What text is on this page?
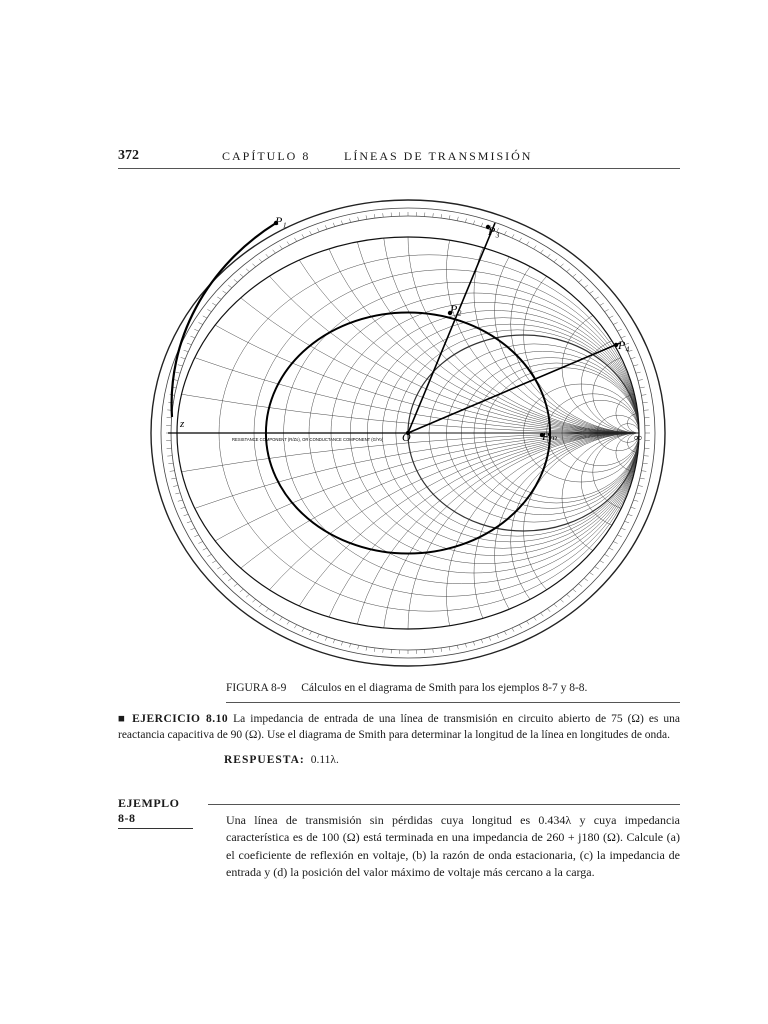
372	CAPÍTULO 8	LÍNEAS DE TRANSMISIÓN
P₁
P₃
P₂
P₄
Pₘ
O
z
∞
RESISTANCE COMPONENT (R/Zo), OR CONDUCTANCE COMPONENT (G/Yo)
FIGURA 8-9 Cálculos en el diagrama de Smith para los ejemplos 8-7 y 8-8.
■ EJERCICIO 8.10 La impedancia de entrada de una línea de transmisión en circuito abierto de 75 (Ω) es una reactancia capacitiva de 90 (Ω). Use el diagrama de Smith para determinar la longitud de la línea en longitudes de onda.
RESPUESTA: 0.11λ.
EJEMPLO 8-8	Una línea de transmisión sin pérdidas cuya longitud es 0.434λ y cuya impedancia característica es de 100 (Ω) está terminada en una impedancia de 260 + j180 (Ω). Calcule (a) el coeficiente de reflexión en voltaje, (b) la razón de onda estacionaria, (c) la impedancia de entrada y (d) la posición del valor máximo de voltaje más cercano a la carga.
